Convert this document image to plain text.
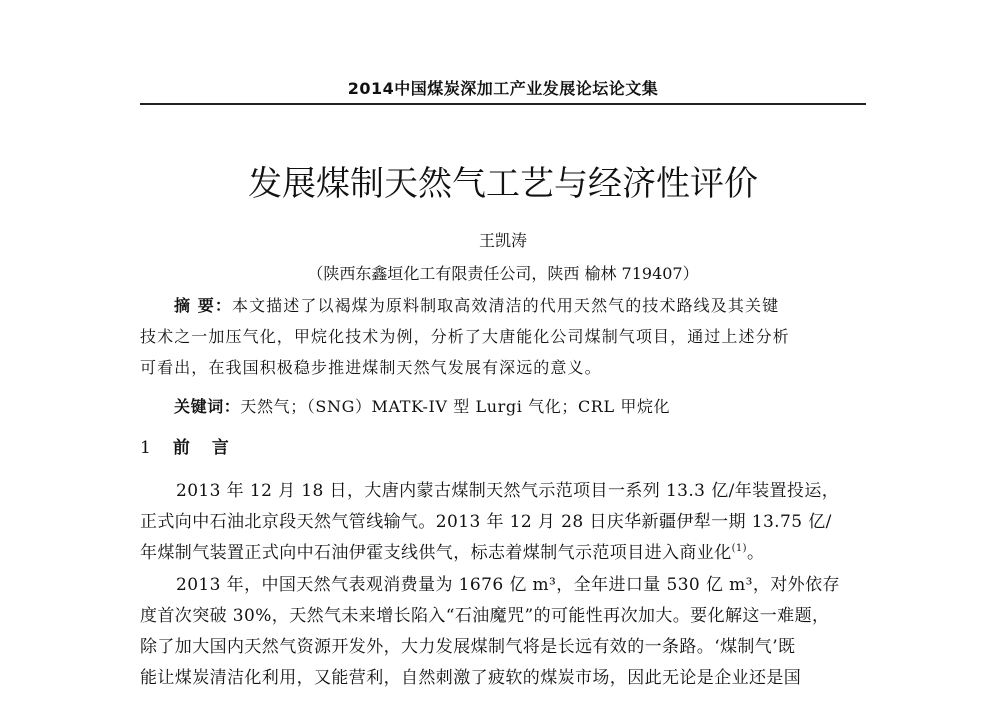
2014中国煤炭深加工产业发展论坛论文集
发展煤制天然气工艺与经济性评价
王凯涛
（陕西东鑫垣化工有限责任公司，陕西 榆林 719407）
摘 要：本文描述了以褐煤为原料制取高效清洁的代用天然气的技术路线及其关键
技术之一加压气化，甲烷化技术为例，分析了大唐能化公司煤制气项目，通过上述分析
可看出，在我国积极稳步推进煤制天然气发展有深远的意义。
关键词：天然气；（SNG）MATK-IV 型 Lurgi 气化；CRL 甲烷化
1 前言
2013 年 12 月 18 日，大唐内蒙古煤制天然气示范项目一系列 13.3 亿/年装置投运，
正式向中石油北京段天然气管线输气。2013 年 12 月 28 日庆华新疆伊犁一期 13.75 亿/
年煤制气装置正式向中石油伊霍支线供气，标志着煤制气示范项目进入商业化$^{(1)}$。
2013 年，中国天然气表观消费量为 1676 亿 m³，全年进口量 530 亿 m³，对外依存
度首次突破 30%，天然气未来增长陷入“石油魔咒”的可能性再次加大。要化解这一难题，
除了加大国内天然气资源开发外，大力发展煤制气将是长远有效的一条路。‘煤制气’既
能让煤炭清洁化利用，又能营利，自然刺激了疲软的煤炭市场，因此无论是企业还是国
